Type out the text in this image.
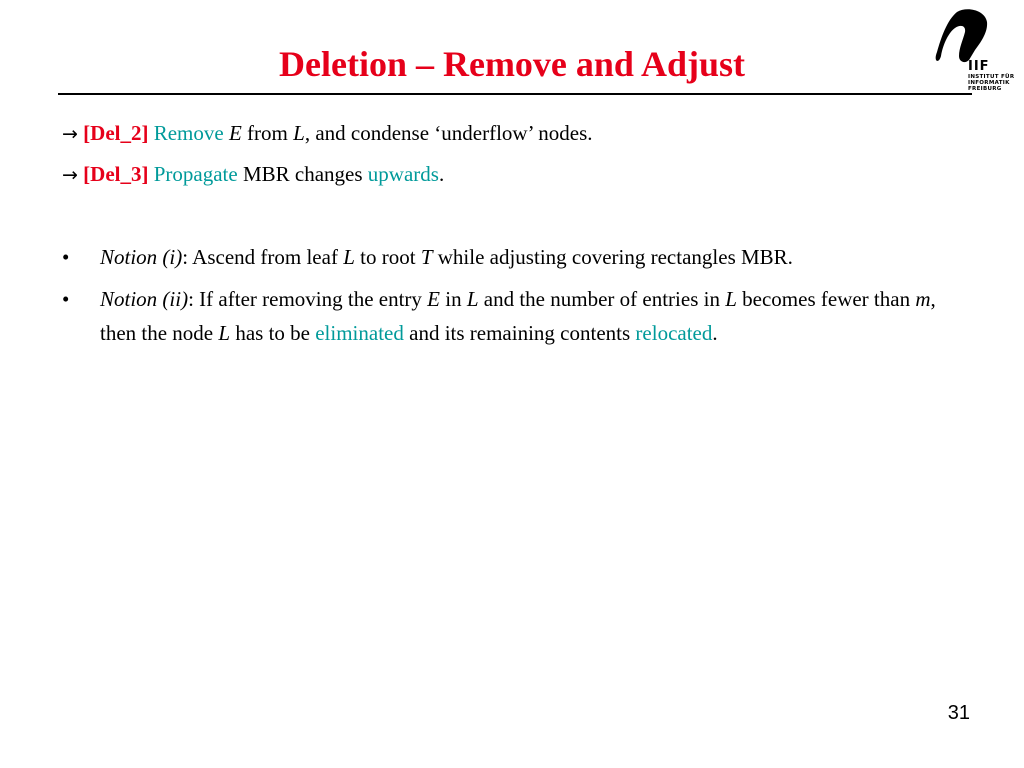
Deletion – Remove and Adjust	IIF
INSTITUT FÜR
INFORMATIK
FREIBURG
→ [Del_2] Remove E from L, and condense ‘underflow’ nodes.
→ [Del_3] Propagate MBR changes upwards.
• Notion (i): Ascend from leaf L to root T while adjusting covering rectangles MBR.
• Notion (ii): If after removing the entry E in L and the number of entries in L becomes fewer than m, then the node L has to be eliminated and its remaining contents relocated.
31
